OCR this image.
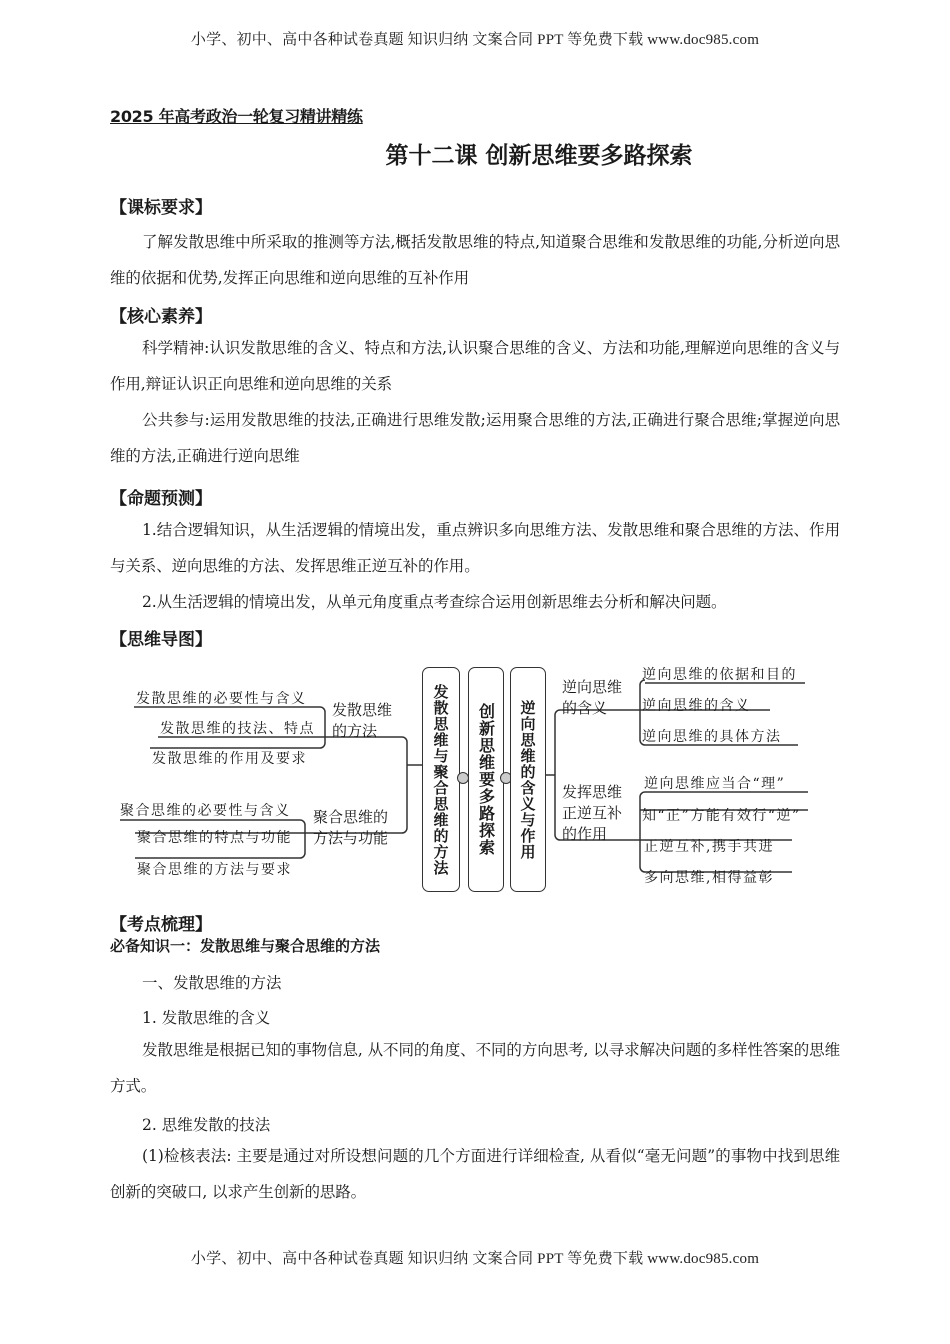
小学、初中、高中各种试卷真题 知识归纳 文案合同 PPT 等免费下载 www.doc985.com
2025 年高考政治一轮复习精讲精练
第十二课 创新思维要多路探索
【课标要求】
了解发散思维中所采取的推测等方法,概括发散思维的特点,知道聚合思维和发散思维的功能,分析逆向思维的依据和优势,发挥正向思维和逆向思维的互补作用
【核心素养】
科学精神:认识发散思维的含义、特点和方法,认识聚合思维的含义、方法和功能,理解逆向思维的含义与作用,辩证认识正向思维和逆向思维的关系
公共参与:运用发散思维的技法,正确进行思维发散;运用聚合思维的方法,正确进行聚合思维;掌握逆向思维的方法,正确进行逆向思维
【命题预测】
1.结合逻辑知识，从生活逻辑的情境出发，重点辨识多向思维方法、发散思维和聚合思维的方法、作用与关系、逆向思维的方法、发挥思维正逆互补的作用。
2.从生活逻辑的情境出发，从单元角度重点考查综合运用创新思维去分析和解决问题。
【思维导图】
发散思维的必要性与含义
发散思维的技法、特点
发散思维的作用及要求
发散思维
的方法
聚合思维的必要性与含义
聚合思维的特点与功能
聚合思维的方法与要求
聚合思维的
方法与功能	发散思维与聚合思维的方法 创新思维要多路探索 逆向思维的含义与作用
逆向思维
的含义
逆向思维的依据和目的
逆向思维的含义
逆向思维的具体方法
发挥思维
正逆互补
的作用
逆向思维应当合“理”
知“正”方能有效行“逆”
正逆互补,携手共进
多向思维,相得益彰
【考点梳理】
必备知识一：发散思维与聚合思维的方法
一、发散思维的方法
1. 发散思维的含义
发散思维是根据已知的事物信息, 从不同的角度、不同的方向思考, 以寻求解决问题的多样性答案的思维方式。
2. 思维发散的技法
(1)检核表法: 主要是通过对所设想问题的几个方面进行详细检查, 从看似“毫无问题”的事物中找到思维创新的突破口, 以求产生创新的思路。
小学、初中、高中各种试卷真题 知识归纳 文案合同 PPT 等免费下载 www.doc985.com
